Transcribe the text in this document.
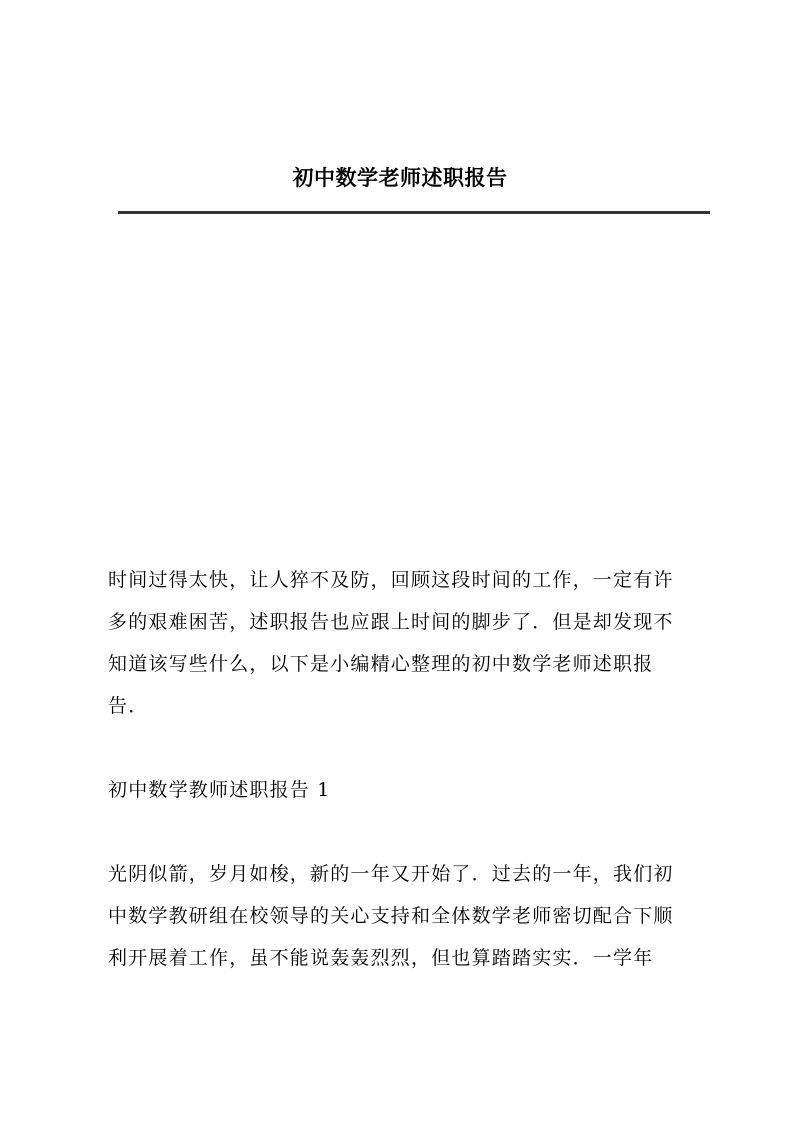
初中数学老师述职报告

时间过得太快，让人猝不及防，回顾这段时间的工作，一定有许
多的艰难困苦，述职报告也应跟上时间的脚步了．但是却发现不
知道该写些什么，以下是小编精心整理的初中数学老师述职报
告．

初中数学教师述职报告 1

光阴似箭，岁月如梭，新的一年又开始了．过去的一年，我们初
中数学教研组在校领导的关心支持和全体数学老师密切配合下顺
利开展着工作，虽不能说轰轰烈烈，但也算踏踏实实．一学年
